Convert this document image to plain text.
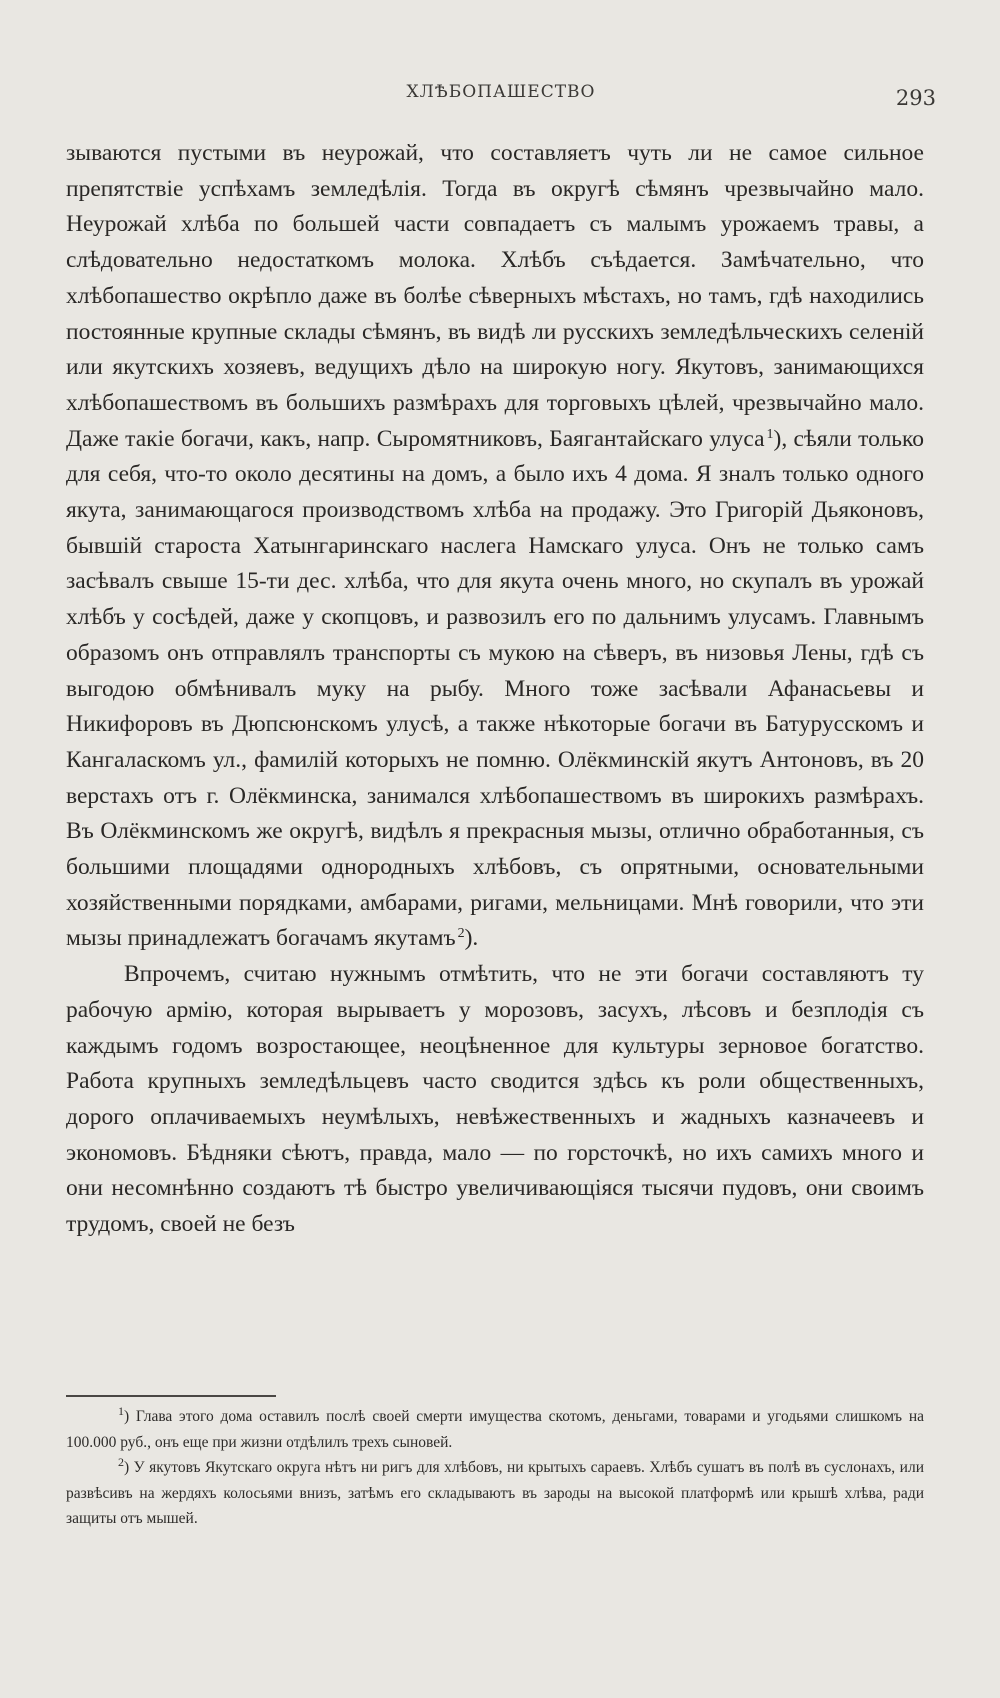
ХЛѢБОПАШЕСТВО	293

зываются пустыми въ неурожай, что составляетъ чуть ли не самое сильное препятствіе успѣхамъ земледѣлія. Тогда въ округѣ сѣмянъ чрезвычайно мало. Неурожай хлѣба по большей части совпадаетъ съ малымъ урожаемъ травы, а слѣдовательно недостаткомъ молока. Хлѣбъ съѣдается. Замѣчательно, что хлѣбопашество окрѣпло даже въ болѣе сѣверныхъ мѣстахъ, но тамъ, гдѣ находились постоянные крупные склады сѣмянъ, въ видѣ ли русскихъ земледѣльческихъ селеній или якутскихъ хозяевъ, ведущихъ дѣло на широкую ногу. Якутовъ, занимающихся хлѣбопашествомъ въ большихъ размѣрахъ для торговыхъ цѣлей, чрезвычайно мало. Даже такіе богачи, какъ, напр. Сыромятниковъ, Баягантайскаго улуса  $^1$), сѣяли только для себя, что-то около десятины на домъ, а было ихъ 4 дома. Я зналъ только одного якута, занимающагося производствомъ хлѣба на продажу. Это Григорій Дьяконовъ, бывшій староста Хатынгаринскаго наслега Намскаго улуса. Онъ не только самъ засѣвалъ свыше 15-ти дес. хлѣба, что для якута очень много, но скупалъ въ урожай хлѣбъ у сосѣдей, даже у скопцовъ, и развозилъ его по дальнимъ улусамъ. Главнымъ образомъ онъ отправлялъ транспорты съ мукою на сѣверъ, въ низовья Лены, гдѣ съ выгодою обмѣнивалъ муку на рыбу. Много тоже засѣвали Афанасьевы и Никифоровъ въ Дюпсюнскомъ улусѣ, а также нѣкоторые богачи въ Батурусскомъ и Кангаласкомъ ул., фамилій которыхъ не помню. Олёкминскій якутъ Антоновъ, въ 20 верстахъ отъ г. Олёкминска, занимался хлѣбопашествомъ въ широкихъ размѣрахъ. Въ Олёкминскомъ же округѣ, видѣлъ я прекрасныя мызы, отлично обработанныя, съ большими площадями однородныхъ хлѣбовъ, съ опрятными, основательными хозяйственными порядками, амбарами, ригами, мельницами. Мнѣ говорили, что эти мызы принадлежатъ богачамъ якутамъ  $^2$).

Впрочемъ, считаю нужнымъ отмѣтить, что не эти богачи составляютъ ту рабочую армію, которая вырываетъ у морозовъ, засухъ, лѣсовъ и безплодія съ каждымъ годомъ возростающее, неоцѣненное для культуры зерновое богатство. Работа крупныхъ земледѣльцевъ часто сводится здѣсь къ роли общественныхъ, дорого оплачиваемыхъ неумѣлыхъ, невѣжественныхъ и жадныхъ казначеевъ и экономовъ. Бѣдняки сѣютъ, правда, мало — по горсточкѣ, но ихъ самихъ много и они несомнѣнно создаютъ тѣ быстро увеличивающіяся тысячи пудовъ, они своимъ трудомъ, своей не безъ

$^1$) Глава этого дома оставилъ послѣ своей смерти имущества скотомъ, деньгами, товарами и угодьями слишкомъ на 100.000 руб., онъ еще при жизни отдѣлилъ трехъ сыновей.

$^2$) У якутовъ Якутскаго округа нѣтъ ни ригъ для хлѣбовъ, ни крытыхъ сараевъ. Хлѣбъ сушатъ въ полѣ въ суслонахъ, или развѣсивъ на жердяхъ колосьями внизъ, затѣмъ его складываютъ въ зароды на высокой платформѣ или крышѣ хлѣва, ради защиты отъ мышей.
